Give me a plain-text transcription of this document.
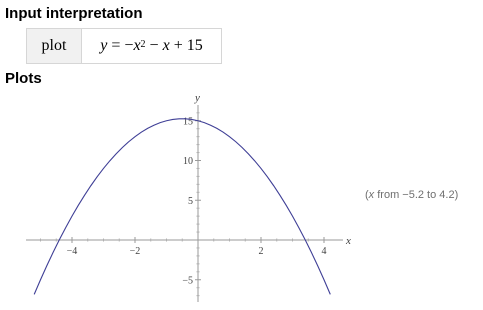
Input interpretation
plot	y = − $x^2 - x + 15$
Plots
x
y
−4	−2	2	4
−5
5
10
15
(x from −5.2 to 4.2)
